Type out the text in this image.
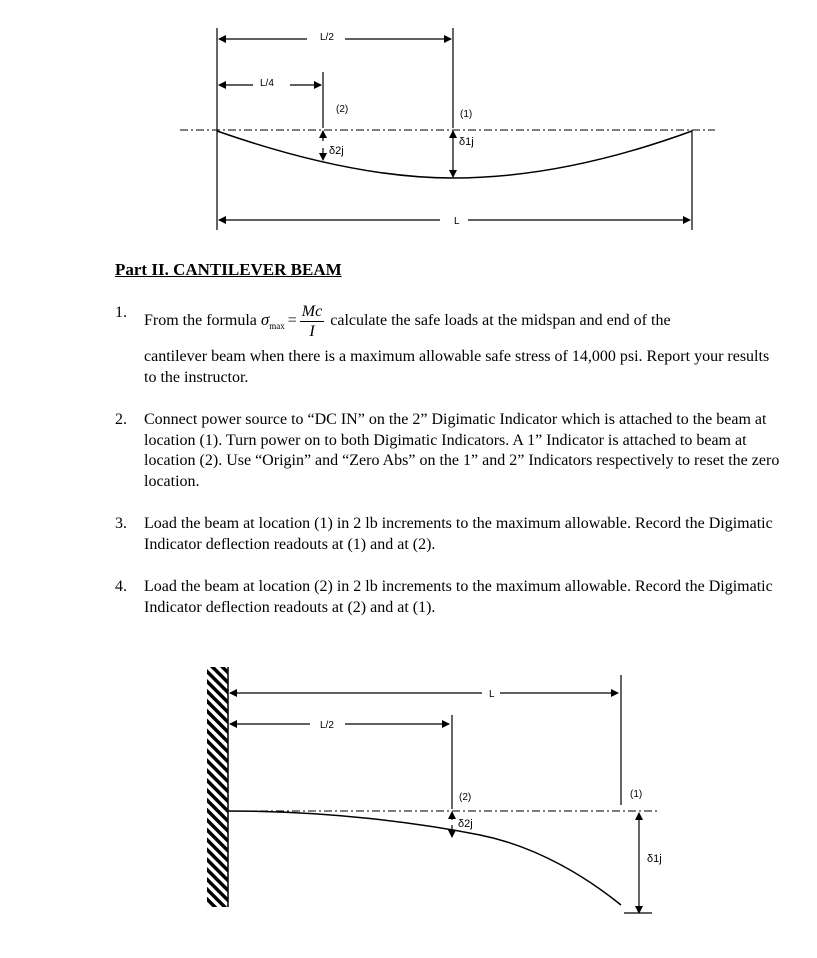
L/2
L/4
(2)	(1)
δ2j
δ1j
L
Part II. CANTILEVER BEAM
1. From the formula $\sigma_{max} = \frac{Mc}{I}$ calculate the safe loads at the midspan and end of the

cantilever beam when there is a maximum allowable safe stress of 14,000 psi. Report your results to the instructor.

2. Connect power source to “DC IN” on the 2” Digimatic Indicator which is attached to the beam at location (1). Turn power on to both Digimatic Indicators. A 1” Indicator is attached to beam at location (2). Use “Origin” and “Zero Abs” on the 1” and 2” Indicators respectively to reset the zero location.

3. Load the beam at location (1) in 2 lb increments to the maximum allowable. Record the Digimatic Indicator deflection readouts at (1) and at (2).

4. Load the beam at location (2) in 2 lb increments to the maximum allowable. Record the Digimatic Indicator deflection readouts at (2) and at (1).

L
L/2
(2)	(1)
δ2j
δ1j
